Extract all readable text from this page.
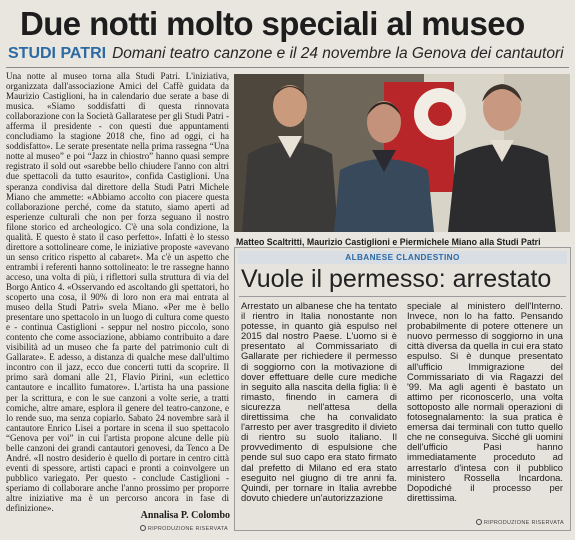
Due notti molto speciali al museo
STUDI PATRI Domani teatro canzone e il 24 novembre la Genova dei cantautori

Una notte al museo torna alla Studi Patri. L'iniziativa, organizzata dall'associazione Amici del Caffè guidata da Maurizio Castiglioni, ha in calendario due serate a base di musica. «Siamo soddisfatti di questa rinnovata collaborazione con la Società Gallaratese per gli Studi Patri - afferma il presidente - con questi due appuntamenti concludiamo la stagione 2018 che, fino ad oggi, ci ha soddisfatto». Le serate presentate nella prima rassegna “Una notte al museo” e poi “Jazz in chiostro” hanno quasi sempre registrato il sold out «sarebbe bello chiudere l'anno con altri due spettacoli da tutto esaurito», confida Castiglioni. Una speranza condivisa dal direttore della Studi Patri Michele Miano che ammette: «Abbiamo accolto con piacere questa collaborazione perché, come da statuto, siamo aperti ad esperienze culturali che non per forza seguano il nostro filone storico ed archeologico. C'è una sola condizione, la qualità. E questo è stato il caso perfetto». Infatti è lo stesso direttore a sottolineare come, le iniziative proposte «avevano un senso critico rispetto al cabaret». Ma c'è un aspetto che entrambi i referenti hanno sottolineato: le tre rassegne hanno acceso, una volta di più, i riflettori sulla struttura di via del Borgo Antico 4. «Osservando ed ascoltando gli spettatori, ho scoperto una cosa, il 90% di loro non era mai entrata al museo della Studi Patri» svela Miano. «Per me è bello presentare uno spettacolo in un luogo di cultura come questo e - continua Castiglioni - seppur nel nostro piccolo, sono contento che come associazione, abbiamo contribuito a dare visibilità ad un museo che fa parte del patrimonio cult di Gallarate». E adesso, a distanza di qualche mese dall'ultimo incontro con il jazz, ecco due concerti tutti da scoprire. Il primo sarà domani alle 21, Flavio Pirini, «un eclettico cantautore e incallito fumatore». L'artista ha una passione per la scrittura, e con le sue canzoni a volte serie, a tratti comiche, altre amare, esplora il genere del teatro-canzone, e lo rende suo, ma senza copiarlo. Sabato 24 novembre sarà il cantautore Enrico Lisei a portare in scena il suo spettacolo “Genova per voi” in cui l'artista propone alcune delle più belle canzoni dei grandi cantautori genovesi, da Tenco a De André. «Il nostro desiderio è quello di portare in centro città eventi di spessore, artisti capaci e pronti a coinvolgere un pubblico variegato. Per questo - conclude Castiglioni - speriamo di collaborare anche l'anno prossimo per proporre altre iniziative ma è un percorso ancora in fase di definizione».

Annalisa P. Colombo
RIPRODUZIONE RISERVATA
Matteo Scaltritti, Maurizio Castiglioni e Piermichele Miano alla Studi Patri
ALBANESE CLANDESTINO
Vuole il permesso: arrestato
Arrestato un albanese che ha tentato il rientro in Italia nonostante non potesse, in quanto già espulso nel 2015 dal nostro Paese. L'uomo si è presentato al Commissariato di Gallarate per richiedere il permesso di soggiorno con la motivazione di dover effettuare delle cure mediche in seguito alla nascita della figlia: lì è rimasto, finendo in camera di sicurezza nell'attesa della direttissima che ha convalidato l'arresto per aver trasgredito il divieto di rientro su suolo italiano. Il provvedimento di espulsione che pende sul suo capo era stato firmato dal prefetto di Milano ed era stato eseguito nel giugno di tre anni fa. Quindi, per tornare in Italia avrebbe dovuto chiedere un'autorizzazione
speciale al ministero dell'Interno. Invece, non lo ha fatto. Pensando probabilmente di potere ottenere un nuovo permesso di soggiorno in una città diversa da quella in cui era stato espulso. Si è dunque presentato all'ufficio Immigrazione del Commissariato di via Ragazzi del '99. Ma agli agenti è bastato un attimo per riconoscerlo, una volta sottoposto alle normali operazioni di fotosegnalamento: la sua pratica è emersa dai terminali con tutto quello che ne conseguiva. Sicché gli uomini dell'ufficio Pasi hanno immediatamente proceduto ad arrestarlo d'intesa con il pubblico ministero Rossella Incardona. Dopodiché il processo per direttissima.
RIPRODUZIONE RISERVATA
